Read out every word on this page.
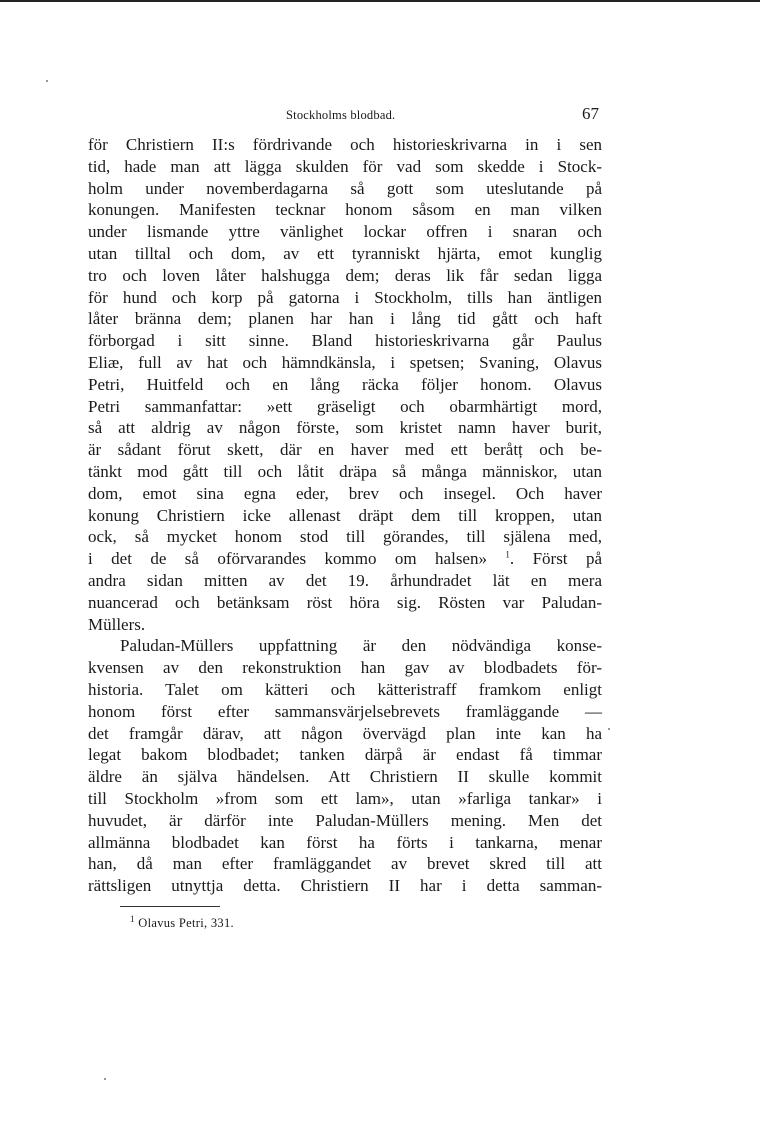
Stockholms blodbad.	67
för Christiern II:s fördrivande och historieskrivarna in i sen
tid, hade man att lägga skulden för vad som skedde i Stock-
holm under novemberdagarna så gott som uteslutande på
konungen. Manifesten tecknar honom såsom en man vilken
under lismande yttre vänlighet lockar offren i snaran och
utan tilltal och dom, av ett tyranniskt hjärta, emot kunglig
tro och loven låter halshugga dem; deras lik får sedan ligga
för hund och korp på gatorna i Stockholm, tills han äntligen
låter bränna dem; planen har han i lång tid gått och haft
förborgad i sitt sinne. Bland historieskrivarna går Paulus
Eliæ, full av hat och hämndkänsla, i spetsen; Svaning, Olavus
Petri, Huitfeld och en lång räcka följer honom. Olavus
Petri sammanfattar: »ett gräseligt och obarmhärtigt mord,
så att aldrig av någon förste, som kristet namn haver burit,
är sådant förut skett, där en haver med ett beråtț och be-
tänkt mod gått till och låtit dräpa så många människor, utan
dom, emot sina egna eder, brev och insegel. Och haver
konung Christiern icke allenast dräpt dem till kroppen, utan
ock, så mycket honom stod till görandes, till själena med,
i det de så oförvarandes kommo om halsen» $^1$. Först på
andra sidan mitten av det 19. århundradet lät en mera
nuancerad och betänksam röst höra sig. Rösten var Paludan-
Müllers.
Paludan-Müllers uppfattning är den nödvändiga konse-
kvensen av den rekonstruktion han gav av blodbadets för-
historia. Talet om kätteri och kätteristraff framkom enligt
honom först efter sammansvärjelsebrevets framläggande —
det framgår därav, att någon övervägd plan inte kan ha
legat bakom blodbadet; tanken därpå är endast få timmar
äldre än själva händelsen. Att Christiern II skulle kommit
till Stockholm »from som ett lam», utan »farliga tankar» i
huvudet, är därför inte Paludan-Müllers mening. Men det
allmänna blodbadet kan först ha förts i tankarna, menar
han, då man efter framläggandet av brevet skred till att
rättsligen utnyttja detta. Christiern II har i detta samman-
$^1$ Olavus Petri, 331.
